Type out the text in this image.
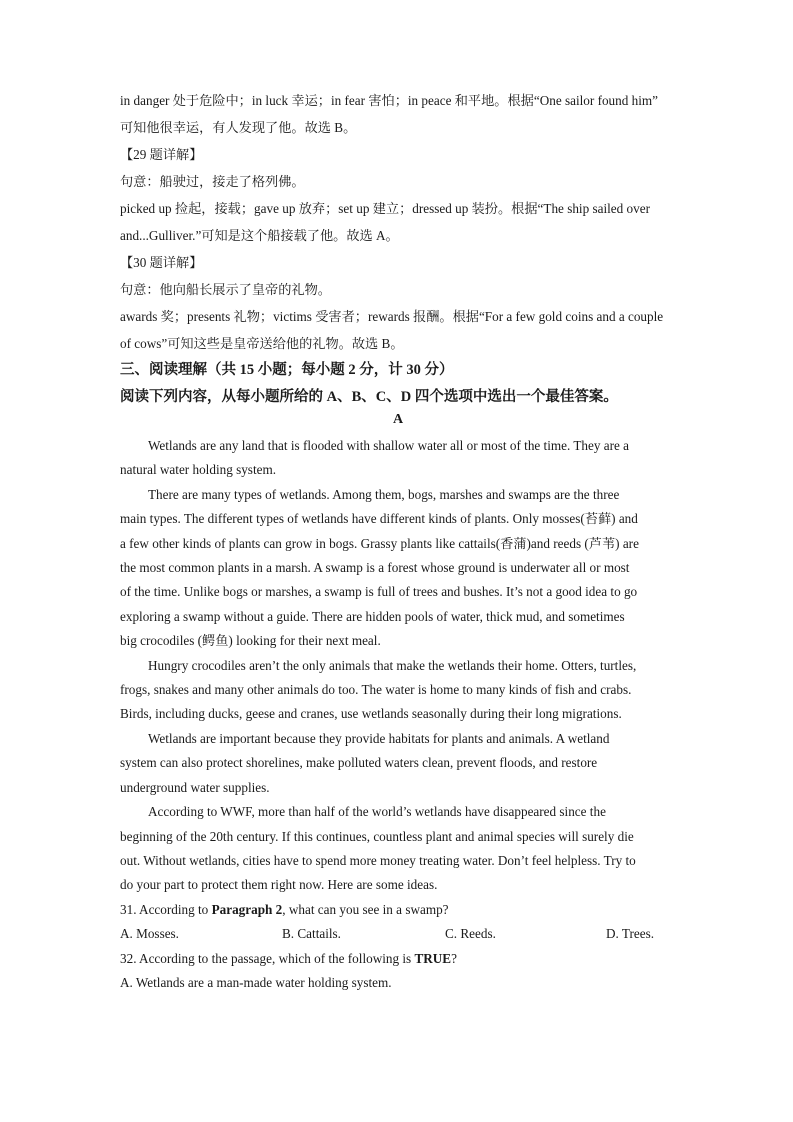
in danger 处于危险中；in luck 幸运；in fear 害怕；in peace 和平地。根据“One sailor found him”

可知他很幸运，有人发现了他。故选 B。

【29 题详解】

句意：船驶过，接走了格列佛。

picked up 捡起，接载；gave up 放弃；set up 建立；dressed up 装扮。根据“The ship sailed over

and...Gulliver.”可知是这个船接载了他。故选 A。

【30 题详解】

句意：他向船长展示了皇帝的礼物。

awards 奖；presents 礼物；victims 受害者；rewards 报酬。根据“For a few gold coins and a couple

of cows”可知这些是皇帝送给他的礼物。故选 B。

三、阅读理解（共 15 小题；每小题 2 分，计 30 分）

阅读下列内容，从每小题所给的 A、B、C、D 四个选项中选出一个最佳答案。

A

Wetlands are any land that is flooded with shallow water all or most of the time. They are a

natural water holding system.

There are many types of wetlands. Among them, bogs, marshes and swamps are the three

main types. The different types of wetlands have different kinds of plants. Only mosses(苔藓) and

a few other kinds of plants can grow in bogs. Grassy plants like cattails(香蒲)and reeds (芦苇) are

the most common plants in a marsh. A swamp is a forest whose ground is underwater all or most

of the time. Unlike bogs or marshes, a swamp is full of trees and bushes. It’s not a good idea to go

exploring a swamp without a guide. There are hidden pools of water, thick mud, and sometimes

big crocodiles (鳄鱼) looking for their next meal.

Hungry crocodiles aren’t the only animals that make the wetlands their home. Otters, turtles,

frogs, snakes and many other animals do too. The water is home to many kinds of fish and crabs.

Birds, including ducks, geese and cranes, use wetlands seasonally during their long migrations.

Wetlands are important because they provide habitats for plants and animals. A wetland

system can also protect shorelines, make polluted waters clean, prevent floods, and restore

underground water supplies.

According to WWF, more than half of the world’s wetlands have disappeared since the

beginning of the 20th century. If this continues, countless plant and animal species will surely die

out. Without wetlands, cities have to spend more money treating water. Don’t feel helpless. Try to

do your part to protect them right now. Here are some ideas.

31. According to Paragraph 2, what can you see in a swamp?

A. Mosses.	B. Cattails.	C. Reeds.	D. Trees.

32. According to the passage, which of the following is TRUE?

A. Wetlands are a man-made water holding system.
